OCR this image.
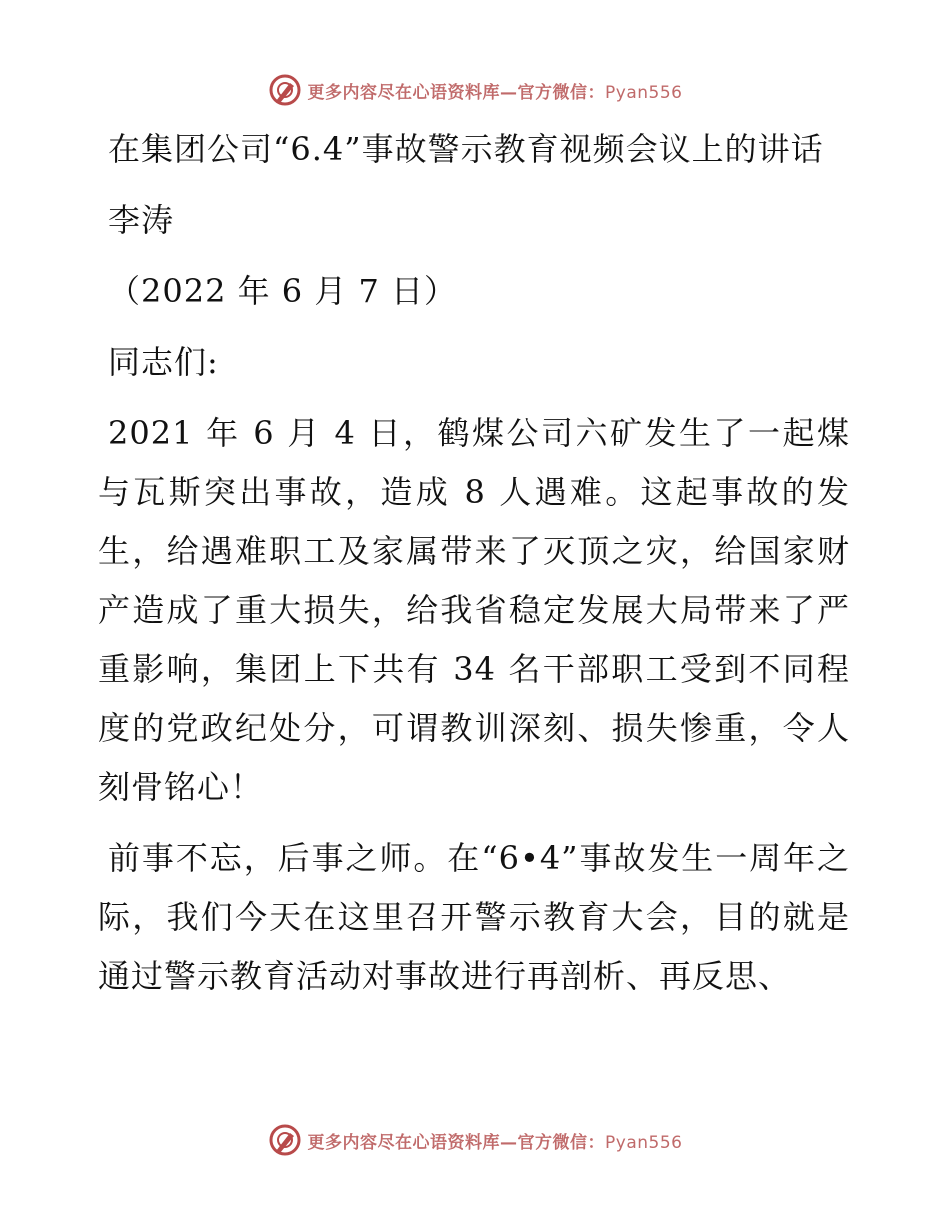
更多内容尽在心语资料库—官方微信：Pyan556

在集团公司“6.4”事故警示教育视频会议上的讲话

李涛

（2022 年 6 月 7 日）

同志们:

2021 年 6 月 4 日，鹤煤公司六矿发生了一起煤与瓦斯突出事故，造成 8 人遇难。这起事故的发生，给遇难职工及家属带来了灭顶之灾，给国家财产造成了重大损失，给我省稳定发展大局带来了严重影响，集团上下共有 34 名干部职工受到不同程度的党政纪处分，可谓教训深刻、损失惨重，令人刻骨铭心！

前事不忘，后事之师。在“6•4”事故发生一周年之际，我们今天在这里召开警示教育大会，目的就是通过警示教育活动对事故进行再剖析、再反思、

更多内容尽在心语资料库—官方微信：Pyan556
